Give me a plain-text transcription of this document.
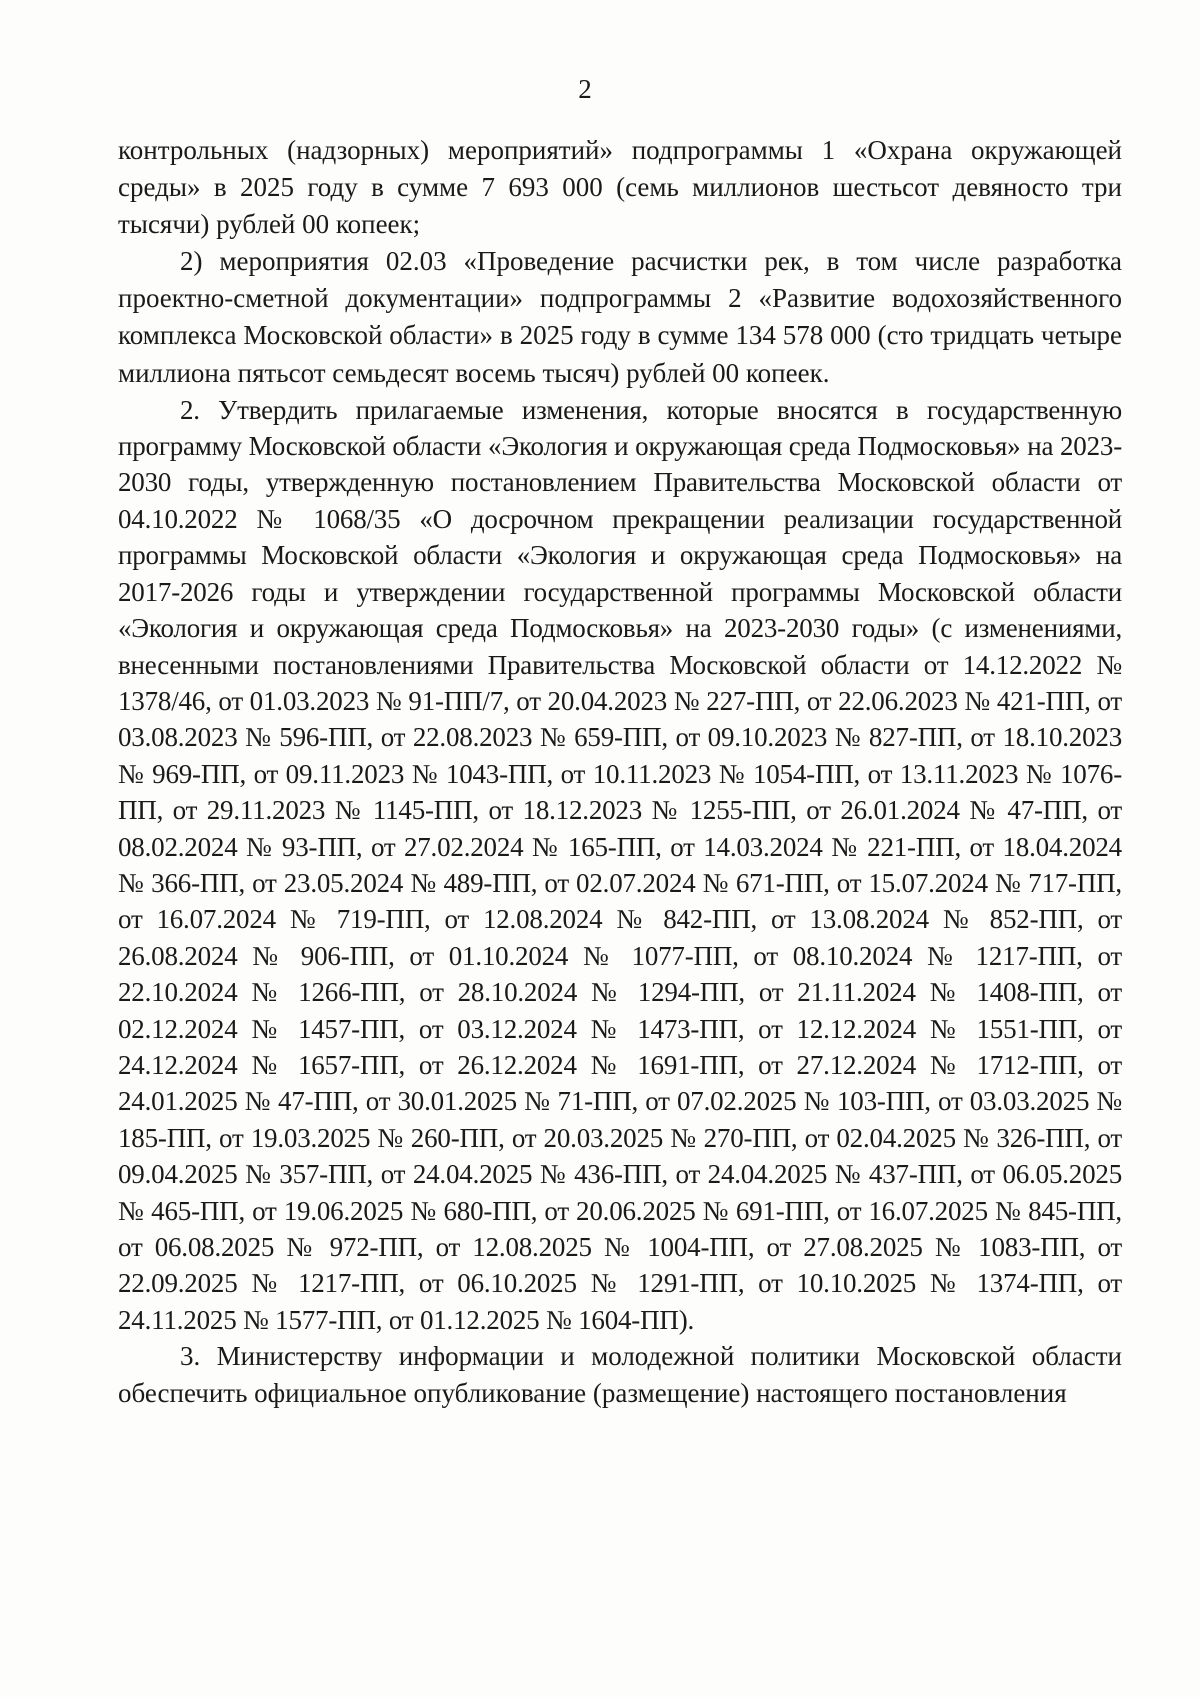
2

контрольных (надзорных) мероприятий» подпрограммы 1 «Охрана окружающей среды» в 2025 году в сумме 7 693 000 (семь миллионов шестьсот девяносто три тысячи) рублей 00 копеек;

2) мероприятия 02.03 «Проведение расчистки рек, в том числе разработка проектно-сметной документации» подпрограммы 2 «Развитие водохозяйственного комплекса Московской области» в 2025 году в сумме 134 578 000 (сто тридцать четыре миллиона пятьсот семьдесят восемь тысяч) рублей 00 копеек.

2. Утвердить прилагаемые изменения, которые вносятся в государственную программу Московской области «Экология и окружающая среда Подмосковья» на 2023-2030 годы, утвержденную постановлением Правительства Московской области от 04.10.2022 № 1068/35 «О досрочном прекращении реализации государственной программы Московской области «Экология и окружающая среда Подмосковья» на 2017-2026 годы и утверждении государственной программы Московской области «Экология и окружающая среда Подмосковья» на 2023-2030 годы» (с изменениями, внесенными постановлениями Правительства Московской области от 14.12.2022 № 1378/46, от 01.03.2023 № 91-ПП/7, от 20.04.2023 № 227-ПП, от 22.06.2023 № 421-ПП, от 03.08.2023 № 596-ПП, от 22.08.2023 № 659-ПП, от 09.10.2023 № 827-ПП, от 18.10.2023 № 969-ПП, от 09.11.2023 № 1043-ПП, от 10.11.2023 № 1054-ПП, от 13.11.2023 № 1076-ПП, от 29.11.2023 № 1145-ПП, от 18.12.2023 № 1255-ПП, от 26.01.2024 № 47-ПП, от 08.02.2024 № 93-ПП, от 27.02.2024 № 165-ПП, от 14.03.2024 № 221-ПП, от 18.04.2024 № 366-ПП, от 23.05.2024 № 489-ПП, от 02.07.2024 № 671-ПП, от 15.07.2024 № 717-ПП, от 16.07.2024 № 719-ПП, от 12.08.2024 № 842-ПП, от 13.08.2024 № 852-ПП, от 26.08.2024 № 906-ПП, от 01.10.2024 № 1077-ПП, от 08.10.2024 № 1217-ПП, от 22.10.2024 № 1266-ПП, от 28.10.2024 № 1294-ПП, от 21.11.2024 № 1408-ПП, от 02.12.2024 № 1457-ПП, от 03.12.2024 № 1473-ПП, от 12.12.2024 № 1551-ПП, от 24.12.2024 № 1657-ПП, от 26.12.2024 № 1691-ПП, от 27.12.2024 № 1712-ПП, от 24.01.2025 № 47-ПП, от 30.01.2025 № 71-ПП, от 07.02.2025 № 103-ПП, от 03.03.2025 № 185-ПП, от 19.03.2025 № 260-ПП, от 20.03.2025 № 270-ПП, от 02.04.2025 № 326-ПП, от 09.04.2025 № 357-ПП, от 24.04.2025 № 436-ПП, от 24.04.2025 № 437-ПП, от 06.05.2025 № 465-ПП, от 19.06.2025 № 680-ПП, от 20.06.2025 № 691-ПП, от 16.07.2025 № 845-ПП, от 06.08.2025 № 972-ПП, от 12.08.2025 № 1004-ПП, от 27.08.2025 № 1083-ПП, от 22.09.2025 № 1217-ПП, от 06.10.2025 № 1291-ПП, от 10.10.2025 № 1374-ПП, от 24.11.2025 № 1577-ПП, от 01.12.2025 № 1604-ПП).

3. Министерству информации и молодежной политики Московской области обеспечить официальное опубликование (размещение) настоящего постановления
